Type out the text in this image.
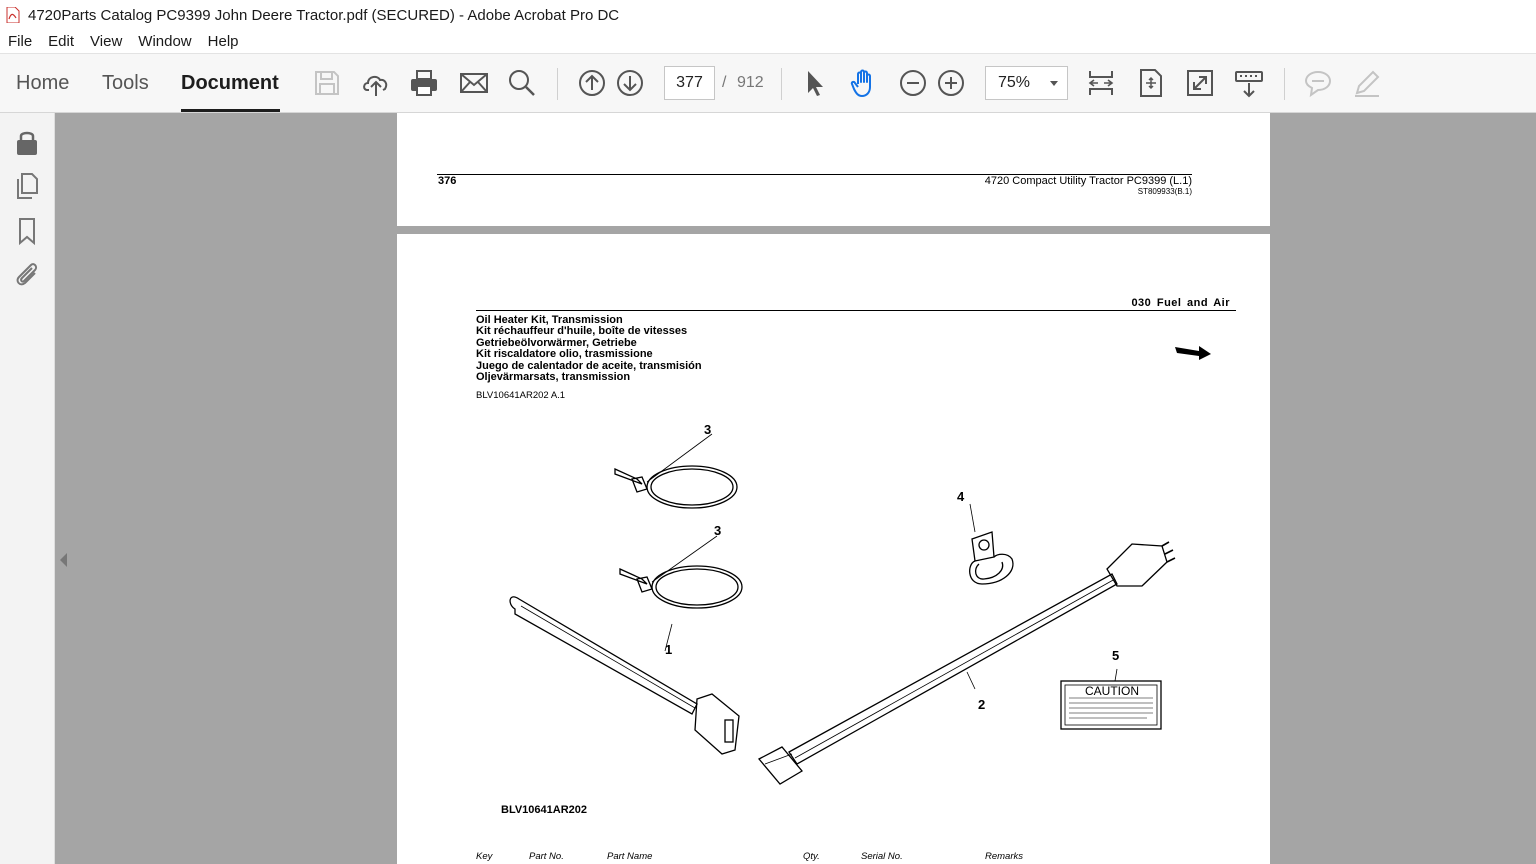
4720Parts Catalog PC9399 John Deere Tractor.pdf (SECURED) - Adobe Acrobat Pro DC
File	Edit	View	Window	Help
Home Tools Document	377	/ 912	75%
376	4720 Compact Utility Tractor PC9399 (L.1)
ST809933(B.1)
030 Fuel and Air
Oil Heater Kit, Transmission
Kit réchauffeur d'huile, boîte de vitesses
Getriebeölvorwärmer, Getriebe
Kit riscaldatore olio, trasmissione
Juego de calentador de aceite, transmisión
Oljevärmarsats, transmission
BLV10641AR202 A.1
CAUTION
3
3
4
1
2
5
BLV10641AR202
Key	Part No.	Part Name	Qty.	Serial No.	Remarks
